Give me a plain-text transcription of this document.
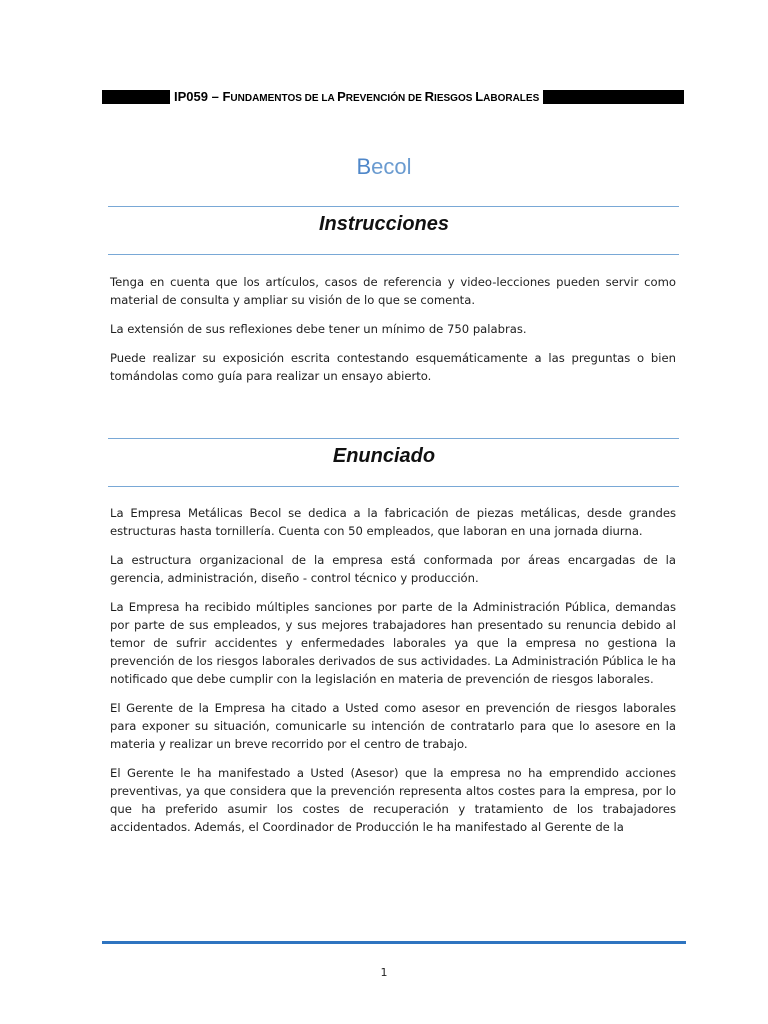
IP059 – FUNDAMENTOS DE LA PREVENCIÓN DE RIESGOS LABORALES
Becol
Instrucciones

Tenga en cuenta que los artículos, casos de referencia y video-lecciones pueden servir como material de consulta y ampliar su visión de lo que se comenta.

La extensión de sus reflexiones debe tener un mínimo de 750 palabras.

Puede realizar su exposición escrita contestando esquemáticamente a las preguntas o bien tomándolas como guía para realizar un ensayo abierto.

Enunciado

La Empresa Metálicas Becol se dedica a la fabricación de piezas metálicas, desde grandes estructuras hasta tornillería. Cuenta con 50 empleados, que laboran en una jornada diurna.

La estructura organizacional de la empresa está conformada por áreas encargadas de la gerencia, administración, diseño - control técnico y producción.

La Empresa ha recibido múltiples sanciones por parte de la Administración Pública, demandas por parte de sus empleados, y sus mejores trabajadores han presentado su renuncia debido al temor de sufrir accidentes y enfermedades laborales ya que la empresa no gestiona la prevención de los riesgos laborales derivados de sus actividades. La Administración Pública le ha notificado que debe cumplir con la legislación en materia de prevención de riesgos laborales.

El Gerente de la Empresa ha citado a Usted como asesor en prevención de riesgos laborales para exponer su situación, comunicarle su intención de contratarlo para que lo asesore en la materia y realizar un breve recorrido por el centro de trabajo.

El Gerente le ha manifestado a Usted (Asesor) que la empresa no ha emprendido acciones preventivas, ya que considera que la prevención representa altos costes para la empresa, por lo que ha preferido asumir los costes de recuperación y tratamiento de los trabajadores accidentados. Además, el Coordinador de Producción le ha manifestado al Gerente de la

1
